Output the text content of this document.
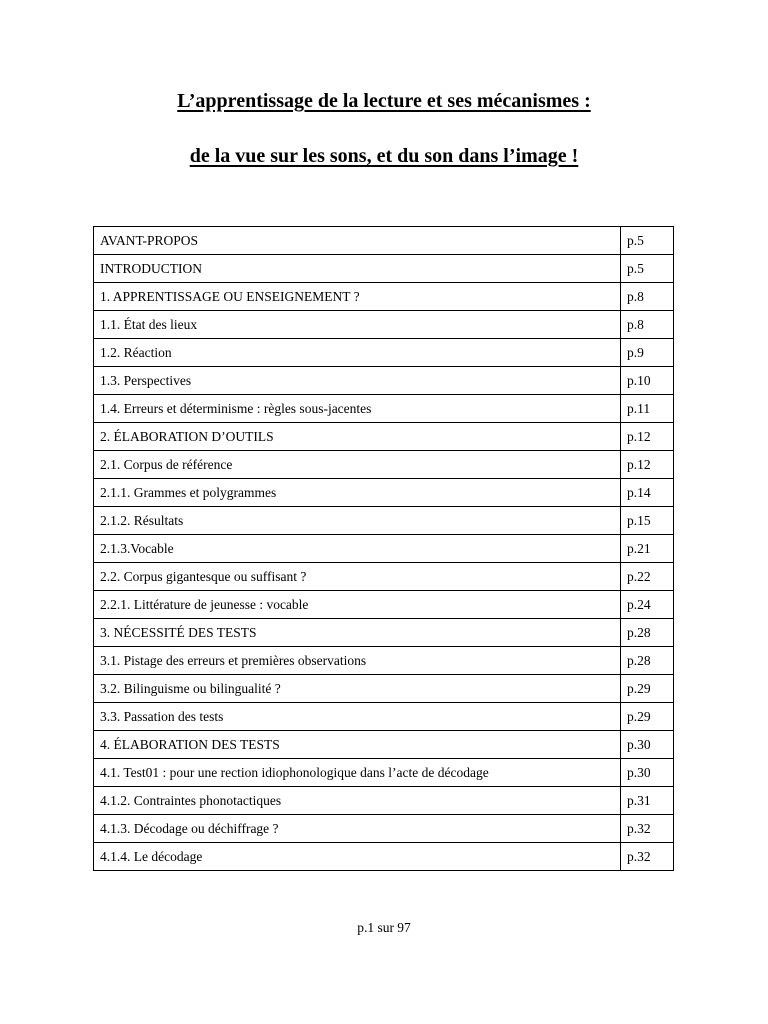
L’apprentissage de la lecture et ses mécanismes :
de la vue sur les sons, et du son dans l’image !
AVANT-PROPOS	p.5
INTRODUCTION	p.5
1. APPRENTISSAGE OU ENSEIGNEMENT ?	p.8
1.1. État des lieux	p.8
1.2. Réaction	p.9
1.3. Perspectives	p.10
1.4. Erreurs et déterminisme : règles sous-jacentes	p.11
2. ÉLABORATION D’OUTILS	p.12
2.1. Corpus de référence	p.12
2.1.1. Grammes et polygrammes	p.14
2.1.2. Résultats	p.15
2.1.3.Vocable	p.21
2.2. Corpus gigantesque ou suffisant ?	p.22
2.2.1. Littérature de jeunesse : vocable	p.24
3. NÉCESSITÉ DES TESTS	p.28
3.1. Pistage des erreurs et premières observations	p.28
3.2. Bilinguisme ou bilingualité ?	p.29
3.3. Passation des tests	p.29
4. ÉLABORATION DES TESTS	p.30
4.1. Test01 : pour une rection idiophonologique dans l’acte de décodage	p.30
4.1.2. Contraintes phonotactiques	p.31
4.1.3. Décodage ou déchiffrage ?	p.32
4.1.4. Le décodage	p.32
p.1 sur 97
